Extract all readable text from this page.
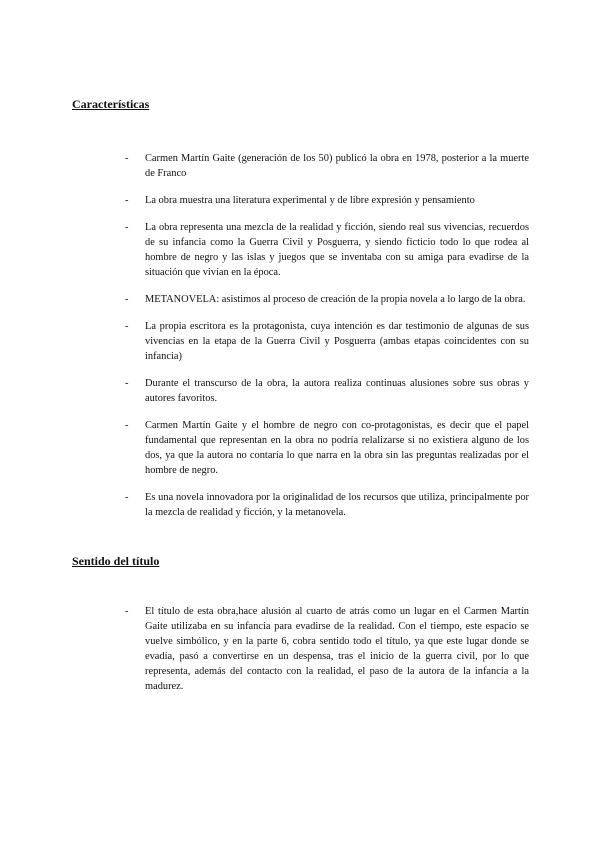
Características
- Carmen Martín Gaite (generación de los 50) publicó la obra en 1978, posterior a la muerte de Franco
- La obra muestra una literatura experimental y de libre expresión y pensamiento
- La obra representa una mezcla de la realidad y ficción, siendo real sus vivencias, recuerdos de su infancia como la Guerra Civil y Posguerra, y siendo ficticio todo lo que rodea al hombre de negro y las islas y juegos que se inventaba con su amiga para evadirse de la situación que vivían en la época.
- METANOVELA: asistimos al proceso de creación de la propia novela a lo largo de la obra.
- La propia escritora es la protagonista, cuya intención es dar testimonio de algunas de sus vivencias en la etapa de la Guerra Civil y Posguerra (ambas etapas coincidentes con su infancia)
- Durante el transcurso de la obra, la autora realiza continuas alusiones sobre sus obras y autores favoritos.
- Carmen Martín Gaite y el hombre de negro con co-protagonistas, es decir que el papel fundamental que representan en la obra no podría relalizarse si no existiera alguno de los dos, ya que la autora no contaría lo que narra en la obra sin las preguntas realizadas por el hombre de negro.
- Es una novela innovadora por la originalidad de los recursos que utiliza, principalmente por la mezcla de realidad y ficción, y la metanovela.
Sentido del título
- El título de esta obra,hace alusión al cuarto de atrás como un lugar en el Carmen Martín Gaite utilizaba en su infancia para evadirse de la realidad. Con el tiempo, este espacio se vuelve simbólico, y en la parte 6, cobra sentido todo el título, ya que este lugar donde se evadía, pasó a convertirse en un despensa, tras el inicio de la guerra civil, por lo que representa, además del contacto con la realidad, el paso de la autora de la infancia a la madurez.
